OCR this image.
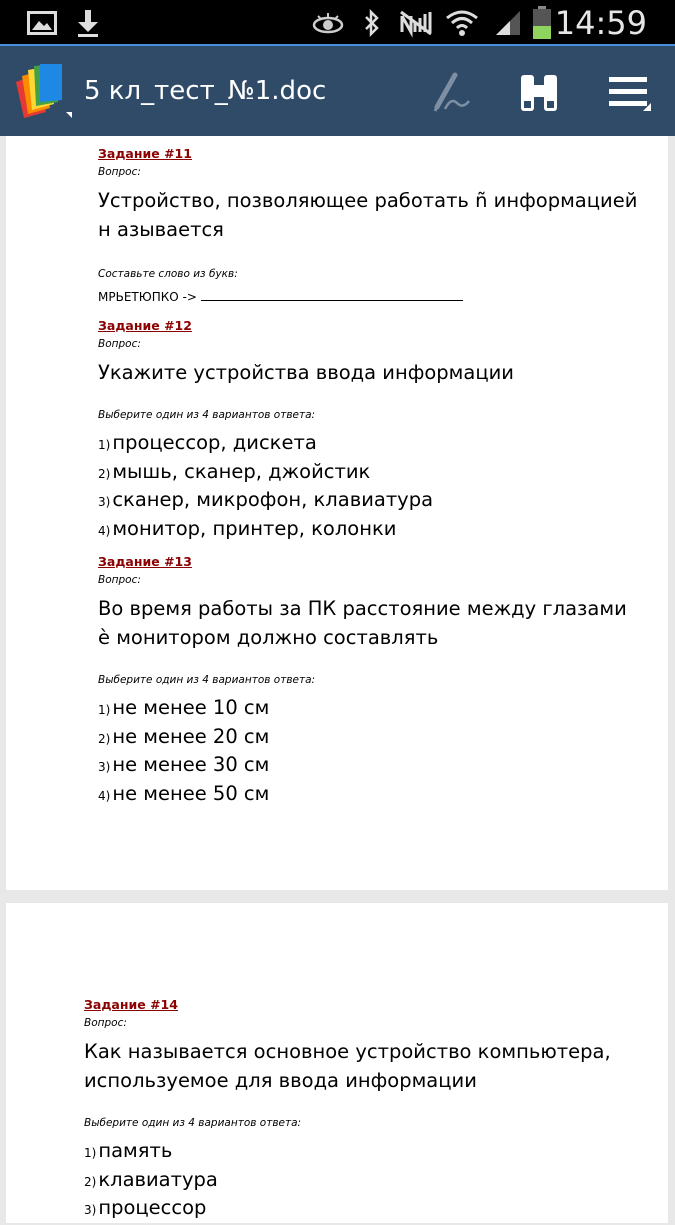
14:59
5 кл_тест_№1.doc
Задание #11
Вопрос:
Устройство, позволяющее работать ñ информацией н азывается
Составьте слово из букв:
МРЬЕТЮПКО ->
Задание #12
Вопрос:
Укажите устройства ввода информации
Выберите один из 4 вариантов ответа:
1) процессор, дискета
2) мышь, сканер, джойстик
3) сканер, микрофон, клавиатура
4) монитор, принтер, колонки
Задание #13
Вопрос:
Во время работы за ПК расстояние между глазами è монитором должно составлять
Выберите один из 4 вариантов ответа:
1) не менее 10 см
2) не менее 20 см
3) не менее 30 см
4) не менее 50 см
Задание #14
Вопрос:
Как называется основное устройство компьютера, используемое для ввода информации
Выберите один из 4 вариантов ответа:
1) память
2) клавиатура
3) процессор
